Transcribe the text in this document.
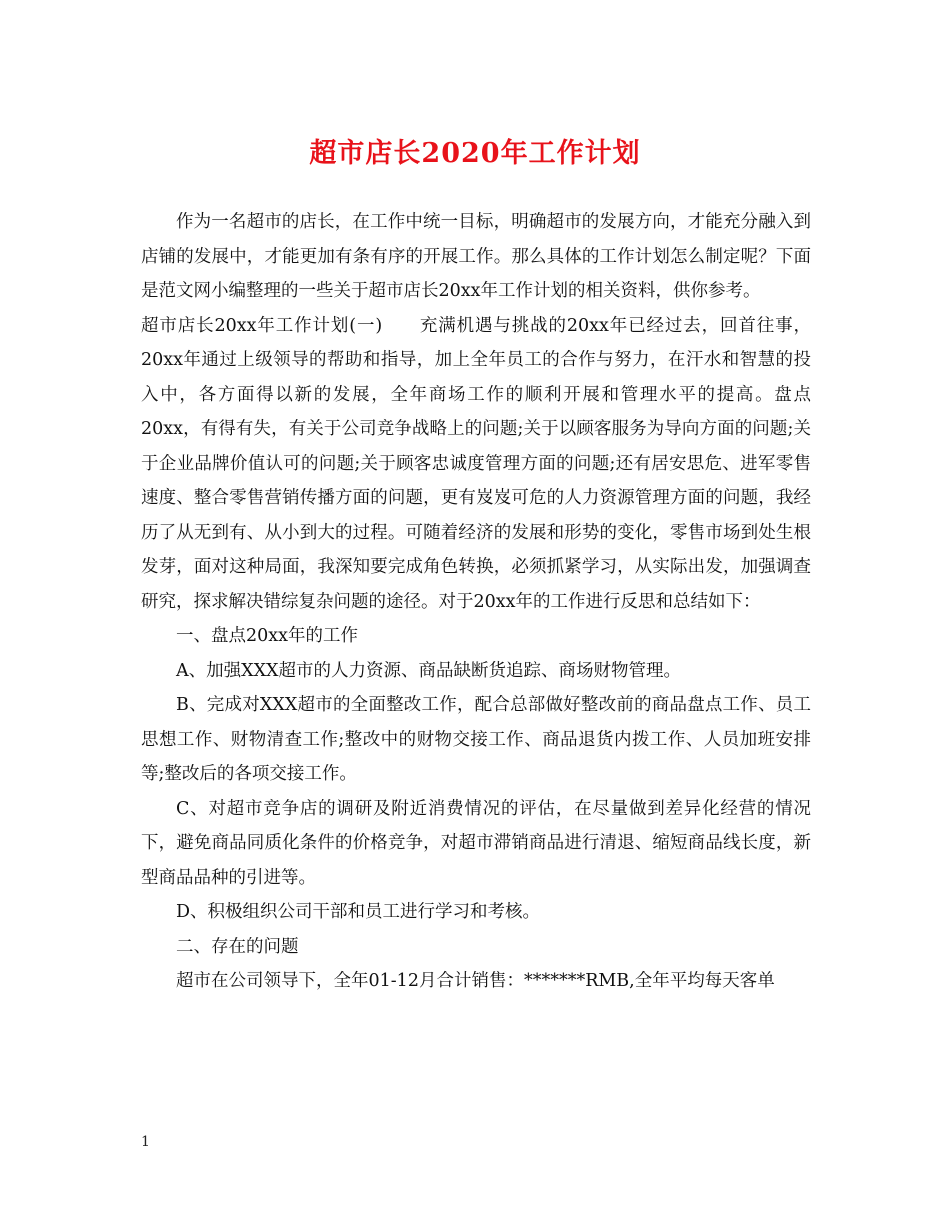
超市店长2020年工作计划

作为一名超市的店长，在工作中统一目标，明确超市的发展方向，才能充分融入到店铺的发展中，才能更加有条有序的开展工作。那么具体的工作计划怎么制定呢？下面是范文网小编整理的一些关于超市店长20xx年工作计划的相关资料，供你参考。

超市店长20xx年工作计划(一)　　充满机遇与挑战的20xx年已经过去，回首往事，20xx年通过上级领导的帮助和指导，加上全年员工的合作与努力，在汗水和智慧的投入中，各方面得以新的发展，全年商场工作的顺利开展和管理水平的提高。盘点20xx，有得有失，有关于公司竞争战略上的问题;关于以顾客服务为导向方面的问题;关于企业品牌价值认可的问题;关于顾客忠诚度管理方面的问题;还有居安思危、进军零售速度、整合零售营销传播方面的问题，更有岌岌可危的人力资源管理方面的问题，我经历了从无到有、从小到大的过程。可随着经济的发展和形势的变化，零售市场到处生根发芽，面对这种局面，我深知要完成角色转换，必须抓紧学习，从实际出发，加强调查研究，探求解决错综复杂问题的途径。对于20xx年的工作进行反思和总结如下：

一、盘点20xx年的工作

A、加强XXX超市的人力资源、商品缺断货追踪、商场财物管理。

B、完成对XXX超市的全面整改工作，配合总部做好整改前的商品盘点工作、员工思想工作、财物清查工作;整改中的财物交接工作、商品退货内拨工作、人员加班安排等;整改后的各项交接工作。

C、对超市竞争店的调研及附近消费情况的评估，在尽量做到差异化经营的情况下，避免商品同质化条件的价格竞争，对超市滞销商品进行清退、缩短商品线长度，新型商品品种的引进等。

D、积极组织公司干部和员工进行学习和考核。

二、存在的问题

超市在公司领导下，全年01-12月合计销售：*******RMB,全年平均每天客单

1
